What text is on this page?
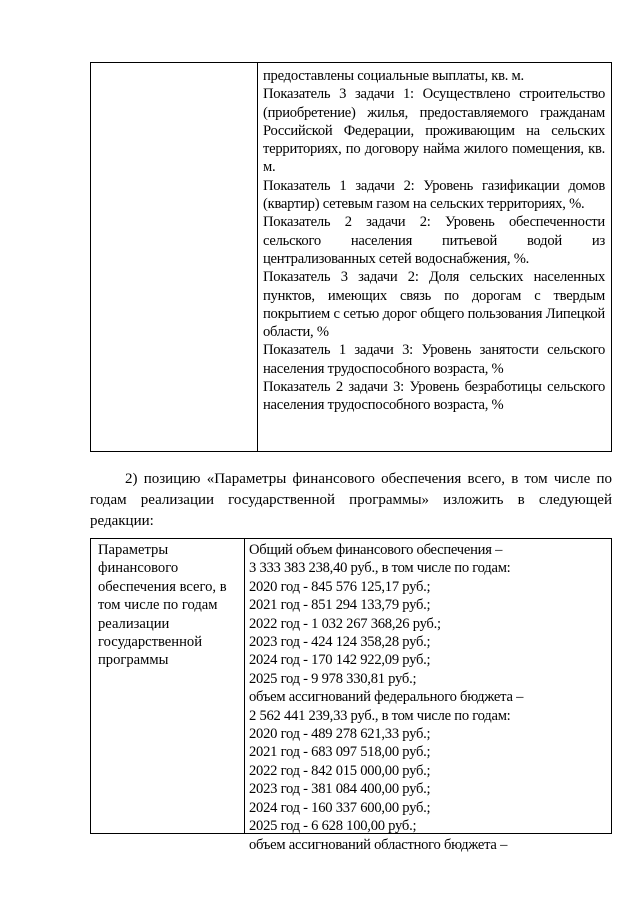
предоставлены социальные выплаты, кв. м.

Показатель 3 задачи 1: Осуществлено строительство (приобретение) жилья, предоставляемого гражданам Российской Федерации, проживающим на сельских территориях, по договору найма жилого помещения, кв. м.

Показатель 1 задачи 2: Уровень газификации домов (квартир) сетевым газом на сельских территориях, %.

Показатель 2 задачи 2: Уровень обеспеченности сельского населения питьевой водой из централизованных сетей водоснабжения, %.

Показатель 3 задачи 2: Доля сельских населенных пунктов, имеющих связь по дорогам с твердым покрытием с сетью дорог общего пользования Липецкой области, %

Показатель 1 задачи 3: Уровень занятости сельского населения трудоспособного возраста, %

Показатель 2 задачи 3: Уровень безработицы сельского населения трудоспособного возраста, %

2) позицию «Параметры финансового обеспечения всего, в том числе по годам реализации государственной программы» изложить в следующей редакции:

Параметры
финансового
обеспечения всего, в
том числе по годам
реализации
государственной
программы
Общий объем финансового обеспечения –
3 333 383 238,40 руб., в том числе по годам:
2020 год - 845 576 125,17 руб.;
2021 год - 851 294 133,79 руб.;
2022 год - 1 032 267 368,26 руб.;
2023 год - 424 124 358,28 руб.;
2024 год - 170 142 922,09 руб.;
2025 год - 9 978 330,81 руб.;
объем ассигнований федерального бюджета –
2 562 441 239,33 руб., в том числе по годам:
2020 год - 489 278 621,33 руб.;
2021 год - 683 097 518,00 руб.;
2022 год - 842 015 000,00 руб.;
2023 год - 381 084 400,00 руб.;
2024 год - 160 337 600,00 руб.;
2025 год - 6 628 100,00 руб.;
объем ассигнований областного бюджета –
